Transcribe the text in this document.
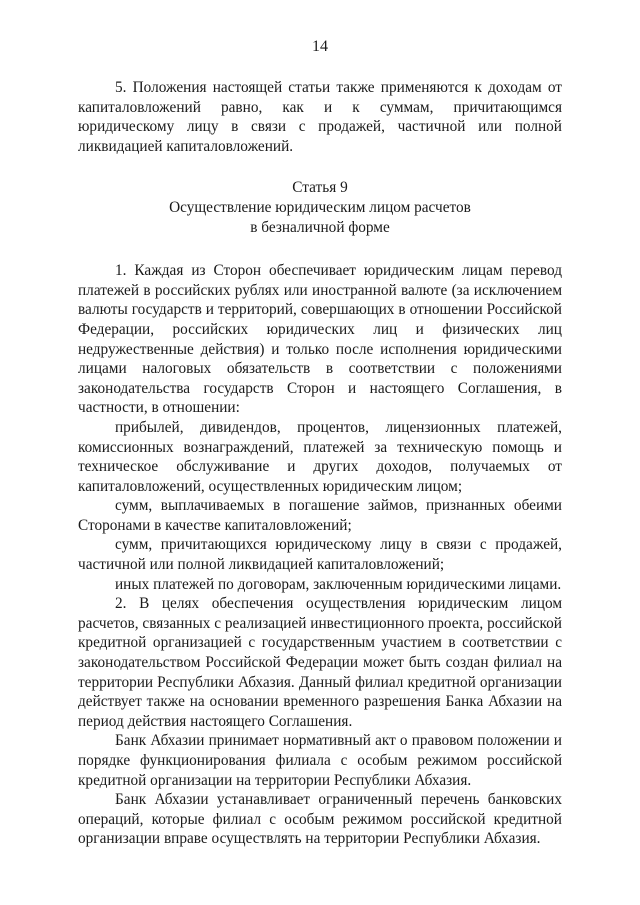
14

5. Положения настоящей статьи также применяются к доходам от капиталовложений равно, как и к суммам, причитающимся юридическому лицу в связи с продажей, частичной или полной ликвидацией капиталовложений.

Статья 9
Осуществление юридическим лицом расчетов
в безналичной форме

1. Каждая из Сторон обеспечивает юридическим лицам перевод платежей в российских рублях или иностранной валюте (за исключением валюты государств и территорий, совершающих в отношении Российской Федерации, российских юридических лиц и физических лиц недружественные действия) и только после исполнения юридическими лицами налоговых обязательств в соответствии с положениями законодательства государств Сторон и настоящего Соглашения, в частности, в отношении:

прибылей, дивидендов, процентов, лицензионных платежей, комиссионных вознаграждений, платежей за техническую помощь и техническое обслуживание и других доходов, получаемых от капиталовложений, осуществленных юридическим лицом;

сумм, выплачиваемых в погашение займов, признанных обеими Сторонами в качестве капиталовложений;

сумм, причитающихся юридическому лицу в связи с продажей, частичной или полной ликвидацией капиталовложений;

иных платежей по договорам, заключенным юридическими лицами.

2. В целях обеспечения осуществления юридическим лицом расчетов, связанных с реализацией инвестиционного проекта, российской кредитной организацией с государственным участием в соответствии с законодательством Российской Федерации может быть создан филиал на территории Республики Абхазия. Данный филиал кредитной организации действует также на основании временного разрешения Банка Абхазии на период действия настоящего Соглашения.

Банк Абхазии принимает нормативный акт о правовом положении и порядке функционирования филиала с особым режимом российской кредитной организации на территории Республики Абхазия.

Банк Абхазии устанавливает ограниченный перечень банковских операций, которые филиал с особым режимом российской кредитной организации вправе осуществлять на территории Республики Абхазия.
